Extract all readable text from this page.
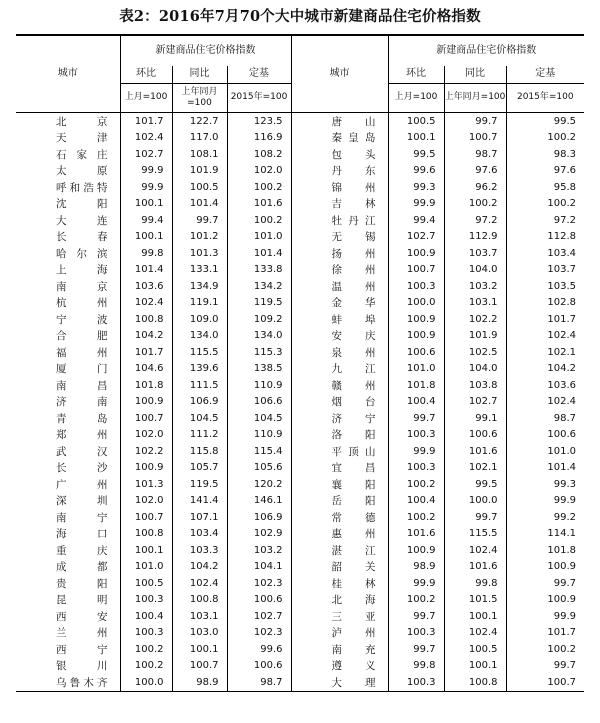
表2：2016年7月70个大中城市新建商品住宅价格指数
城市	新建商品住宅价格指数			城市	新建商品住宅价格指数		
	环比	同比	定基		环比	同比	定基
	上月=100	上年同月=100	2015年=100		上月=100	上年同月=100	2015年=100
北京	101.7	122.7	123.5	唐山	100.5	99.7	99.5
天津	102.4	117.0	116.9	秦皇岛	100.1	100.7	100.2
石家庄	102.7	108.1	108.2	包头	99.5	98.7	98.3
太原	99.9	101.9	102.0	丹东	99.6	97.6	97.6
呼和浩特	99.9	100.5	100.2	锦州	99.3	96.2	95.8
沈阳	100.1	101.4	101.6	吉林	99.9	100.2	100.2
大连	99.4	99.7	100.2	牡丹江	99.4	97.2	97.2
长春	100.1	101.2	101.0	无锡	102.7	112.9	112.8
哈尔滨	99.8	101.3	101.4	扬州	100.9	103.7	103.4
上海	101.4	133.1	133.8	徐州	100.7	104.0	103.7
南京	103.6	134.9	134.2	温州	100.3	103.2	103.5
杭州	102.4	119.1	119.5	金华	100.0	103.1	102.8
宁波	100.8	109.0	109.2	蚌埠	100.9	102.2	101.7
合肥	104.2	134.0	134.0	安庆	100.9	101.9	102.4
福州	101.7	115.5	115.3	泉州	100.6	102.5	102.1
厦门	104.6	139.6	138.5	九江	101.0	104.0	104.2
南昌	101.8	111.5	110.9	赣州	101.8	103.8	103.6
济南	100.9	106.9	106.6	烟台	100.4	102.7	102.4
青岛	100.7	104.5	104.5	济宁	99.7	99.1	98.7
郑州	102.0	111.2	110.9	洛阳	100.3	100.6	100.6
武汉	102.2	115.8	115.4	平顶山	99.9	101.6	101.0
长沙	100.9	105.7	105.6	宜昌	100.3	102.1	101.4
广州	101.3	119.5	120.2	襄阳	100.2	99.5	99.3
深圳	102.0	141.4	146.1	岳阳	100.4	100.0	99.9
南宁	100.7	107.1	106.9	常德	100.2	99.7	99.2
海口	100.8	103.4	102.9	惠州	101.6	115.5	114.1
重庆	100.1	103.3	103.2	湛江	100.9	102.4	101.8
成都	101.0	104.2	104.1	韶关	98.9	101.6	100.9
贵阳	100.5	102.4	102.3	桂林	99.9	99.8	99.7
昆明	100.3	100.8	100.6	北海	100.2	101.5	100.9
西安	100.4	103.1	102.7	三亚	99.7	100.1	99.9
兰州	100.3	103.0	102.3	泸州	100.3	102.4	101.7
西宁	100.2	100.1	99.6	南充	99.7	100.5	100.2
银川	100.2	100.7	100.6	遵义	99.8	100.1	99.7
乌鲁木齐	100.0	98.9	98.7	大理	100.3	100.8	100.7
